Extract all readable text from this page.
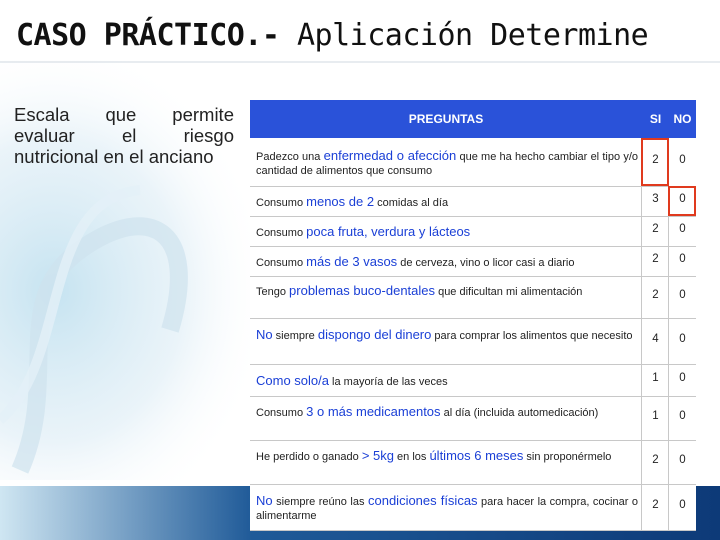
CASO PRÁCTICO.- Aplicación Determine
Escala que permite evaluar el riesgo nutricional en el anciano
PREGUNTAS	SI	NO
Padezco una enfermedad o afección que me ha hecho cambiar el tipo y/o cantidad de alimentos que consumo
2	0
Consumo menos de 2 comidas al día	3	0
Consumo poca fruta, verdura y lácteos	2	0
Consumo más de 3 vasos de cerveza, vino o licor casi a diario	2	0
Tengo problemas buco-dentales que dificultan mi alimentación	2	0
No siempre dispongo del dinero para comprar los alimentos que necesito	4	0
Como solo/a la mayoría de las veces	1	0
Consumo 3 o más medicamentos al día (incluida automedicación)	1	0
He perdido o ganado > 5kg en los últimos 6 meses sin proponérmelo	2	0
No siempre reúno las condiciones físicas para hacer la compra, cocinar o alimentarme
2	0
